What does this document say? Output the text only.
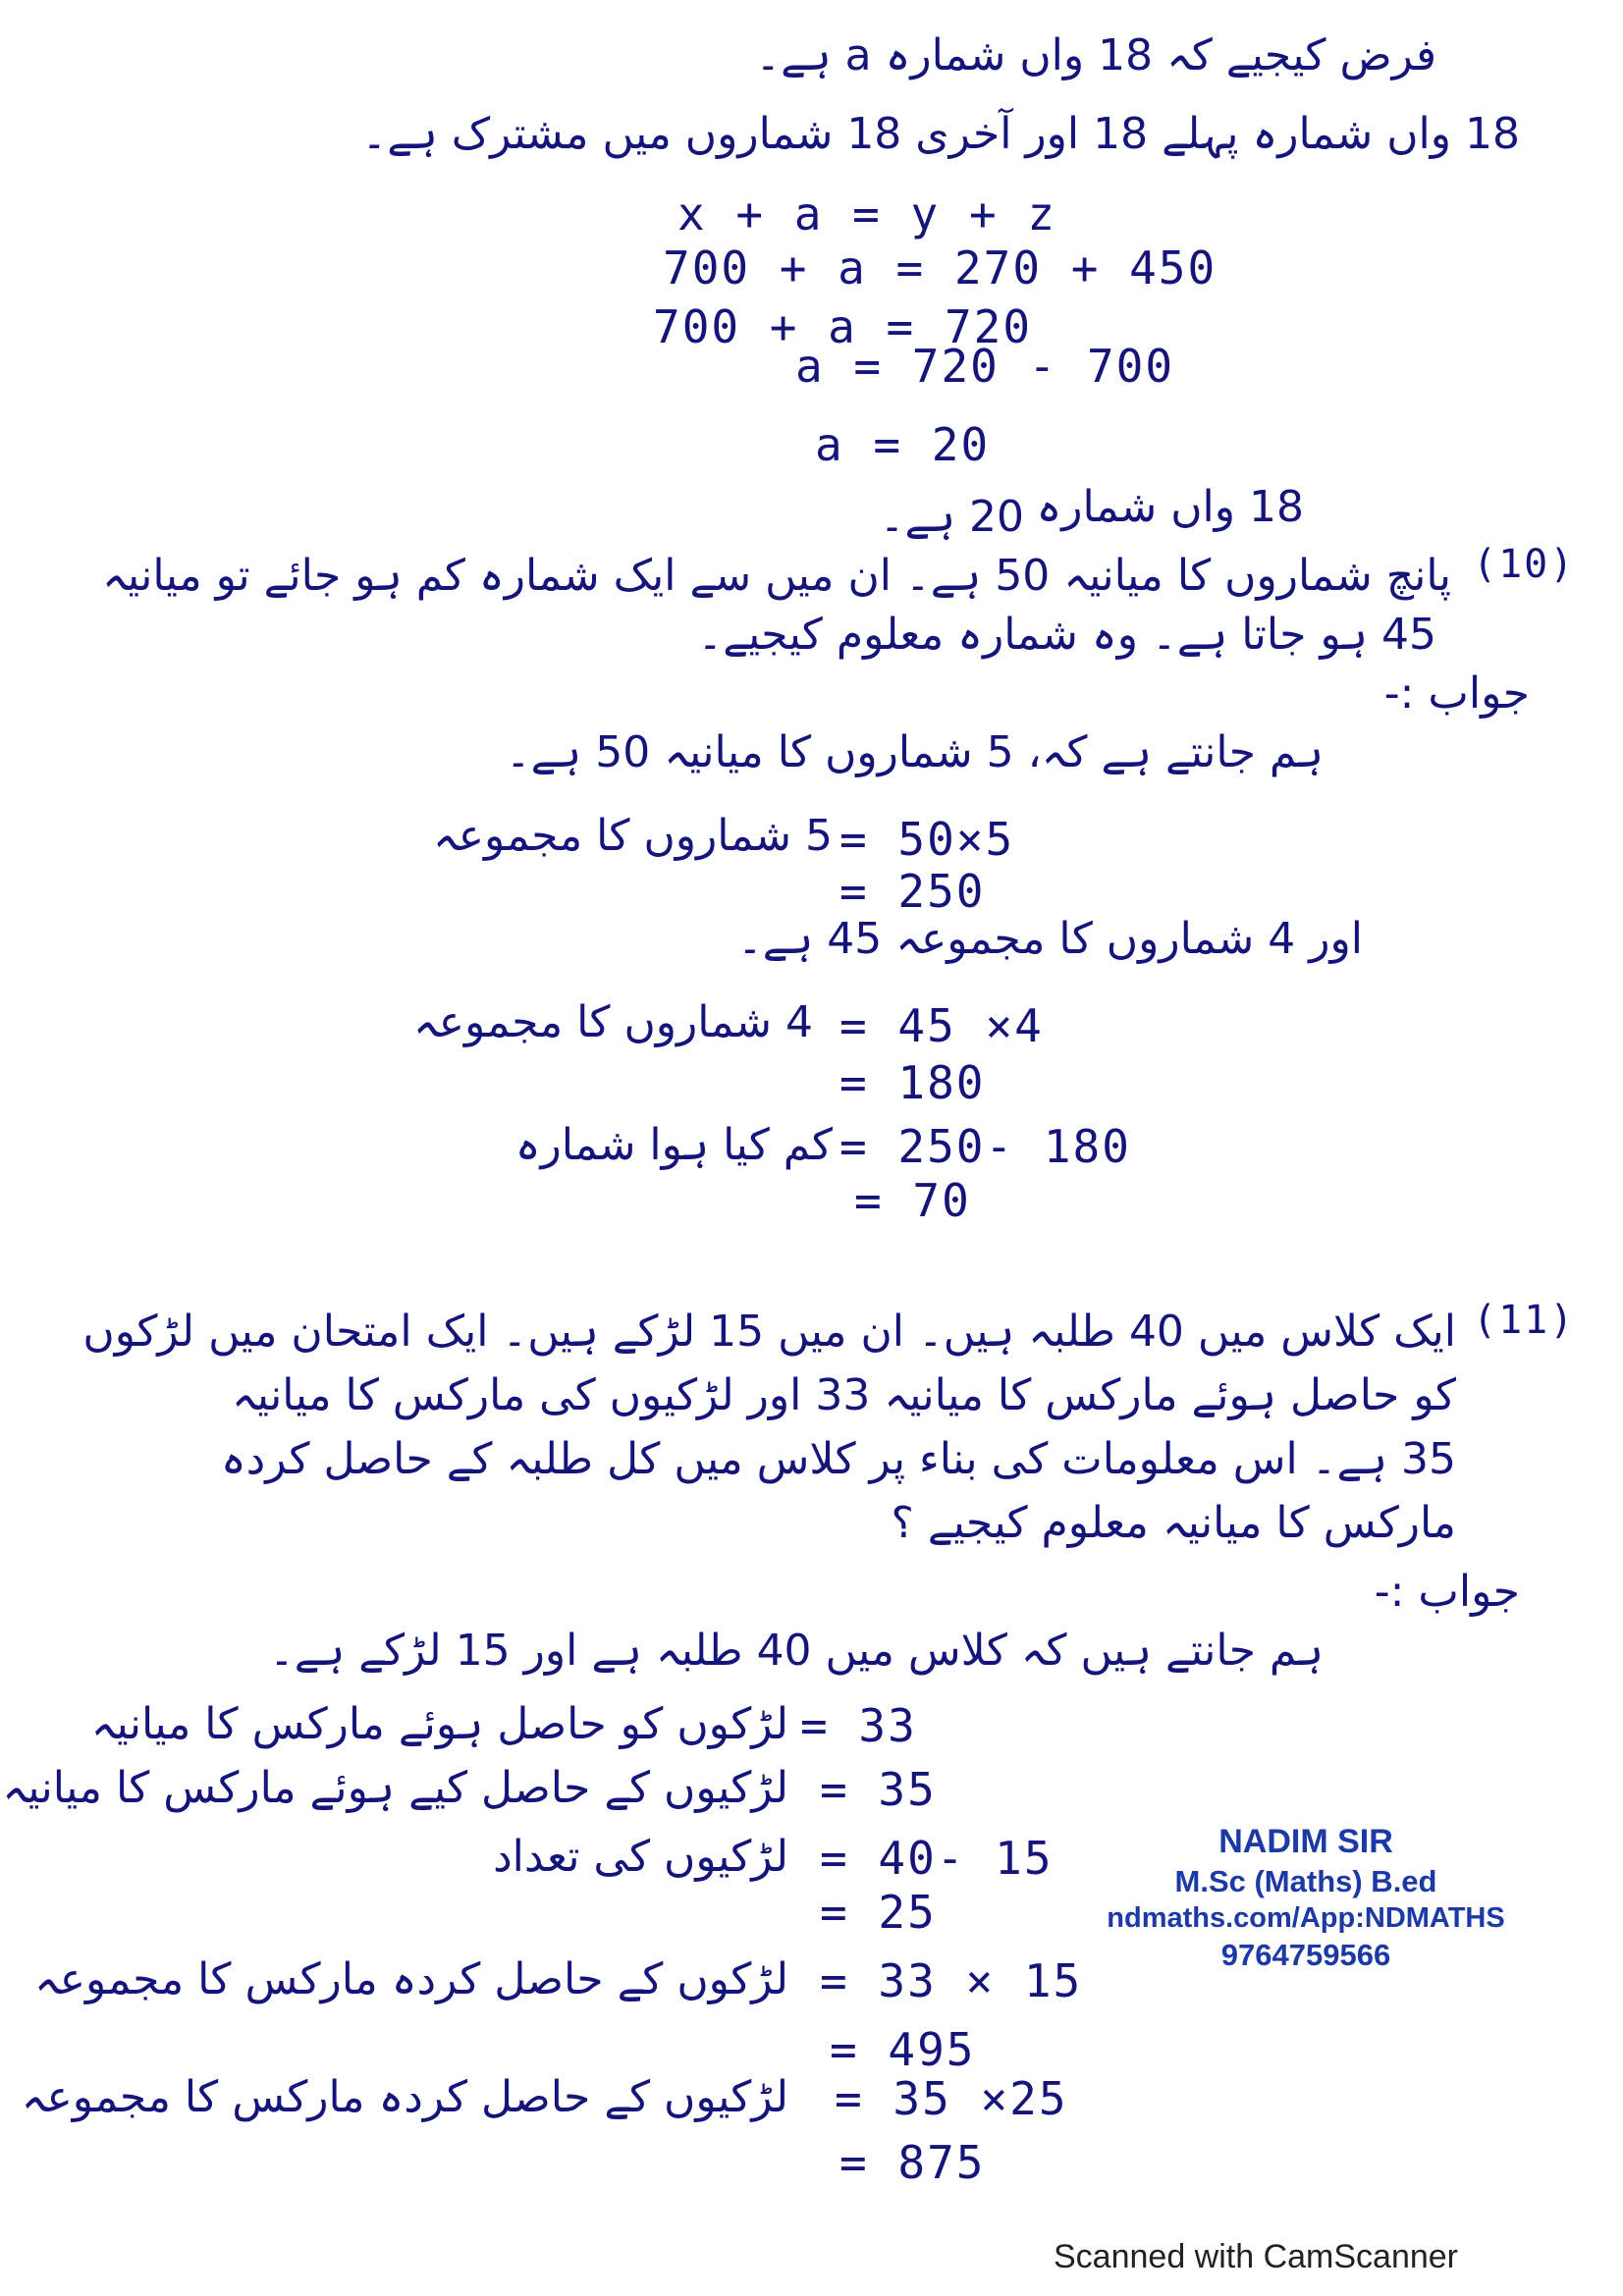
فرض کیجیے کہ 18 واں شمارہ a ہے۔
18 واں شمارہ پہلے 18 اور آخری 18 شماروں میں مشترک ہے۔
x + a = y + z
700 + a = 270 + 450
700 + a = 720
a = 720 - 700
a = 20
18 واں شمارہ
20 ہے۔
(10)
پانچ شماروں کا میانیہ 50 ہے۔ ان میں سے ایک شمارہ کم ہو جائے تو میانیہ
45 ہو جاتا ہے۔ وہ شمارہ معلوم کیجیے۔
جواب :-
ہم جانتے ہے کہ، 5 شماروں کا میانیہ 50 ہے۔
5 شماروں کا مجموعہ = 50×5
= 250
اور 4 شماروں کا مجموعہ 45 ہے۔
4 شماروں کا مجموعہ = 45 ×4
= 180
کم کیا ہوا شمارہ = 250- 180
= 70
(11)
ایک کلاس میں 40 طلبہ ہیں۔ ان میں 15 لڑکے ہیں۔ ایک امتحان میں لڑکوں
کو حاصل ہوئے مارکس کا میانیہ 33 اور لڑکیوں کی مارکس کا میانیہ
35 ہے۔ اس معلومات کی بناء پر کلاس میں کل طلبہ کے حاصل کردہ
مارکس کا میانیہ معلوم کیجیے ؟
جواب :-
ہم جانتے ہیں کہ کلاس میں 40 طلبہ ہے اور 15 لڑکے ہے۔
لڑکوں کو حاصل ہوئے مارکس کا میانیہ = 33
لڑکیوں کے حاصل کیے ہوئے مارکس کا میانیہ = 35
لڑکیوں کی تعداد = 40- 15
= 25
لڑکوں کے حاصل کردہ مارکس کا مجموعہ = 33 × 15
= 495
لڑکیوں کے حاصل کردہ مارکس کا مجموعہ = 35 ×25
= 875
NADIM SIR
M.Sc (Maths) B.ed
ndmaths.com/App:NDMATHS
9764759566
Scanned with CamScanner
